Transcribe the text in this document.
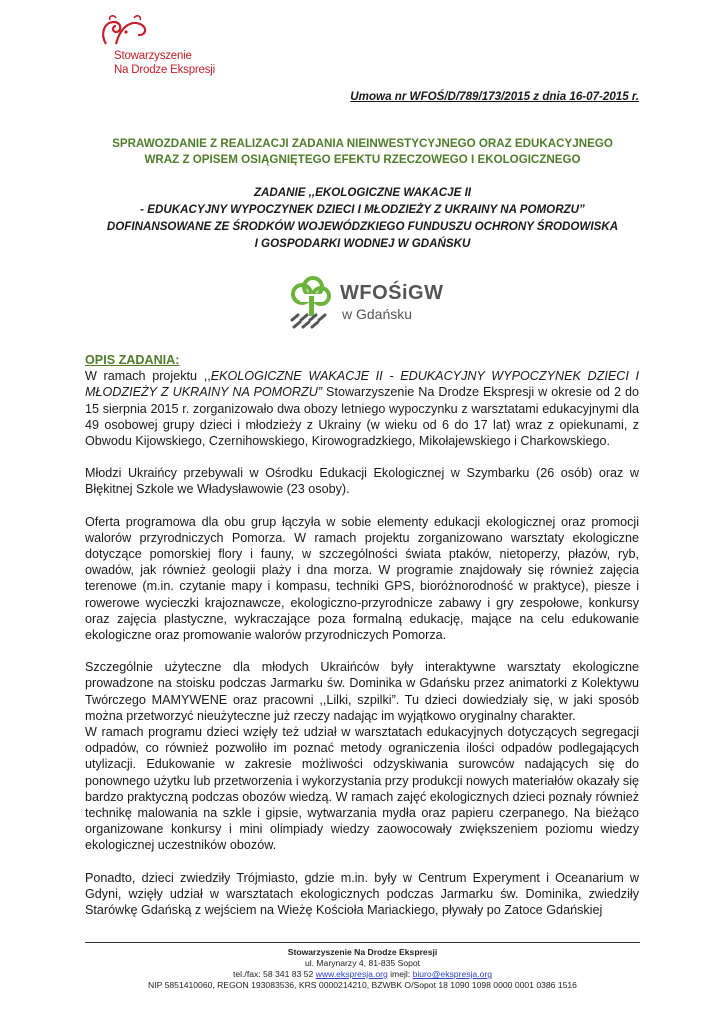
Stowarzyszenie
Na Drodze Ekspresji
Umowa nr WFOŚ/D/789/173/2015 z dnia 16-07-2015 r.
SPRAWOZDANIE Z REALIZACJI ZADANIA NIEINWESTYCYJNEGO ORAZ EDUKACYJNEGO
WRAZ Z OPISEM OSIĄGNIĘTEGO EFEKTU RZECZOWEGO I EKOLOGICZNEGO
ZADANIE ,,EKOLOGICZNE WAKACJE II
- EDUKACYJNY WYPOCZYNEK DZIECI I MŁODZIEŻY Z UKRAINY NA POMORZU”
DOFINANSOWANE ZE ŚRODKÓW WOJEWÓDZKIEGO FUNDUSZU OCHRONY ŚRODOWISKA
I GOSPODARKI WODNEJ W GDAŃSKU
WFOŚiGW
w Gdańsku

OPIS ZADANIA:

W ramach projektu ,,EKOLOGICZNE WAKACJE II - EDUKACYJNY WYPOCZYNEK DZIECI I MŁODZIEŻY Z UKRAINY NA POMORZU” Stowarzyszenie Na Drodze Ekspresji w okresie od 2 do 15 sierpnia 2015 r. zorganizowało dwa obozy letniego wypoczynku z warsztatami edukacyjnymi dla 49 osobowej grupy dzieci i młodzieży z Ukrainy (w wieku od 6 do 17 lat) wraz z opiekunami, z Obwodu Kijowskiego, Czernihowskiego, Kirowogradzkiego, Mikołajewskiego i Charkowskiego.

Młodzi Ukraińcy przebywali w Ośrodku Edukacji Ekologicznej w Szymbarku (26 osób) oraz w Błękitnej Szkole we Władysławowie (23 osoby).

Oferta programowa dla obu grup łączyła w sobie elementy edukacji ekologicznej oraz promocji walorów przyrodniczych Pomorza. W ramach projektu zorganizowano warsztaty ekologiczne dotyczące pomorskiej flory i fauny, w szczególności świata ptaków, nietoperzy, płazów, ryb, owadów, jak również geologii plaży i dna morza. W programie znajdowały się również zajęcia terenowe (m.in. czytanie mapy i kompasu, techniki GPS, bioróżnorodność w praktyce), piesze i rowerowe wycieczki krajoznawcze, ekologiczno-przyrodnicze zabawy i gry zespołowe, konkursy oraz zajęcia plastyczne, wykraczające poza formalną edukację, mające na celu edukowanie ekologiczne oraz promowanie walorów przyrodniczych Pomorza.

Szczególnie użyteczne dla młodych Ukraińców były interaktywne warsztaty ekologiczne prowadzone na stoisku podczas Jarmarku św. Dominika w Gdańsku przez animatorki z Kolektywu Twórczego MAMYWENE oraz pracowni ,,Lilki, szpilki”. Tu dzieci dowiedziały się, w jaki sposób można przetworzyć nieużyteczne już rzeczy nadając im wyjątkowo oryginalny charakter.

W ramach programu dzieci wzięły też udział w warsztatach edukacyjnych dotyczących segregacji odpadów, co również pozwoliło im poznać metody ograniczenia ilości odpadów podlegających utylizacji. Edukowanie w zakresie możliwości odzyskiwania surowców nadających się do ponownego użytku lub przetworzenia i wykorzystania przy produkcji nowych materiałów okazały się bardzo praktyczną podczas obozów wiedzą. W ramach zajęć ekologicznych dzieci poznały również technikę malowania na szkle i gipsie, wytwarzania mydła oraz papieru czerpanego. Na bieżąco organizowane konkursy i mini olimpiady wiedzy zaowocowały zwiększeniem poziomu wiedzy ekologicznej uczestników obozów.

Ponadto, dzieci zwiedziły Trójmiasto, gdzie m.in. były w Centrum Experyment i Oceanarium w Gdyni, wzięły udział w warsztatach ekologicznych podczas Jarmarku św. Dominika, zwiedziły Starówkę Gdańską z wejściem na Wieżę Kościoła Mariackiego, pływały po Zatoce Gdańskiej

Stowarzyszenie Na Drodze Ekspresji
ul. Marynarzy 4, 81-835 Sopot
tel./fax: 58 341 83 52 www.ekspresja.org imejl: biuro@ekspresja.org
NIP 5851410060, REGON 193083536, KRS 0000214210, BZWBK O/Sopot 18 1090 1098 0000 0001 0386 1516
